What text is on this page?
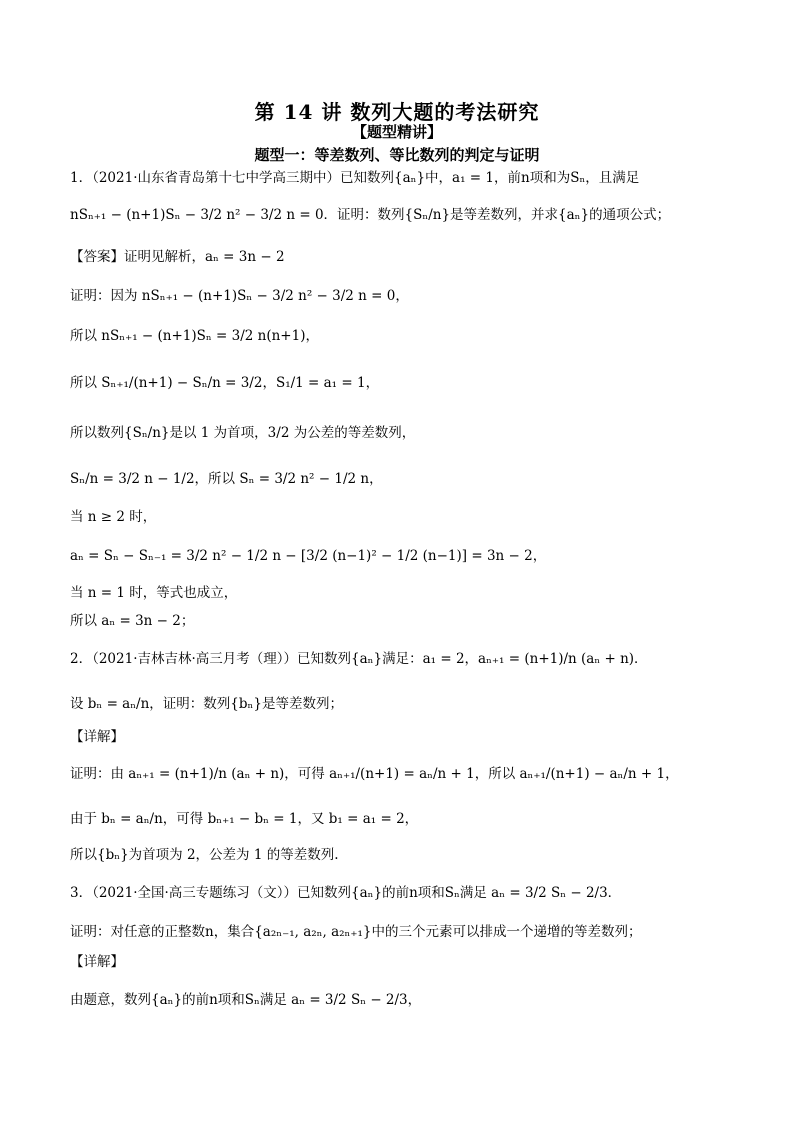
第 14 讲 数列大题的考法研究
【题型精讲】
题型一：等差数列、等比数列的判定与证明
1．（2021·山东省青岛第十七中学高三期中）已知数列{aₙ}中，a₁ = 1，前n项和为Sₙ，且满足
nSₙ₊₁ − (n+1)Sₙ − 3/2 n² − 3/2 n = 0．证明：数列{Sₙ/n}是等差数列，并求{aₙ}的通项公式；
【答案】证明见解析，aₙ = 3n − 2
证明：因为 nSₙ₊₁ − (n+1)Sₙ − 3/2 n² − 3/2 n = 0，
所以 nSₙ₊₁ − (n+1)Sₙ = 3/2 n(n+1)，
所以 Sₙ₊₁/(n+1) − Sₙ/n = 3/2，S₁/1 = a₁ = 1，
所以数列{Sₙ/n}是以 1 为首项，3/2 为公差的等差数列，
Sₙ/n = 3/2 n − 1/2，所以 Sₙ = 3/2 n² − 1/2 n，
当 n ≥ 2 时，
aₙ = Sₙ − Sₙ₋₁ = 3/2 n² − 1/2 n − [3/2 (n−1)² − 1/2 (n−1)] = 3n − 2，
当 n = 1 时，等式也成立，
所以 aₙ = 3n − 2；
2．（2021·吉林吉林·高三月考（理））已知数列{aₙ}满足：a₁ = 2，aₙ₊₁ = (n+1)/n (aₙ + n)．
设 bₙ = aₙ/n，证明：数列{bₙ}是等差数列；
【详解】
证明：由 aₙ₊₁ = (n+1)/n (aₙ + n)，可得 aₙ₊₁/(n+1) = aₙ/n + 1，所以 aₙ₊₁/(n+1) − aₙ/n + 1，
由于 bₙ = aₙ/n，可得 bₙ₊₁ − bₙ = 1，又 b₁ = a₁ = 2，
所以{bₙ}为首项为 2，公差为 1 的等差数列.
3．（2021·全国·高三专题练习（文））已知数列{aₙ}的前n项和Sₙ满足 aₙ = 3/2 Sₙ − 2/3．
证明：对任意的正整数n，集合{a₂ₙ₋₁, a₂ₙ, a₂ₙ₊₁}中的三个元素可以排成一个递增的等差数列；
【详解】
由题意，数列{aₙ}的前n项和Sₙ满足 aₙ = 3/2 Sₙ − 2/3，
